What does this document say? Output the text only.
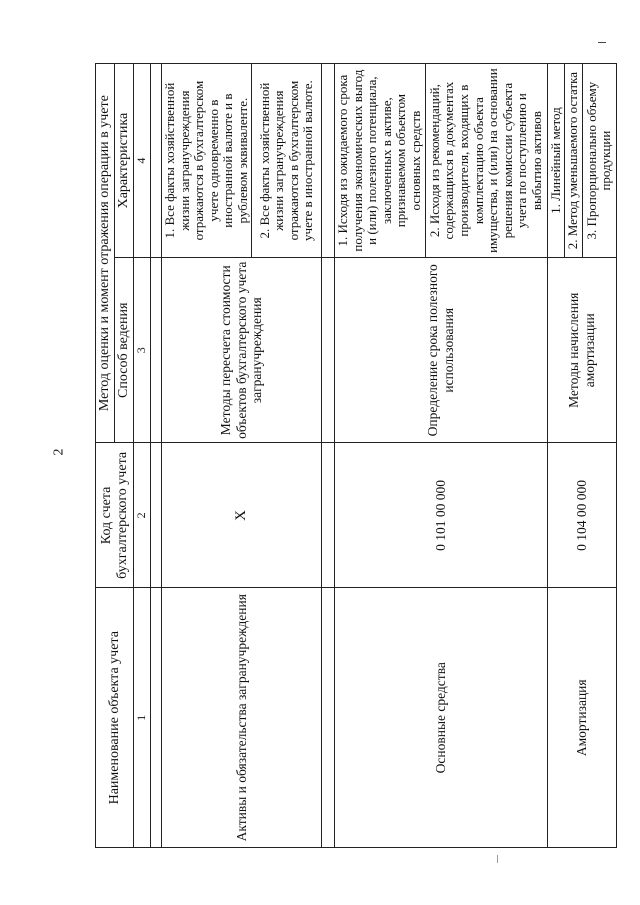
2
Наименование объекта учета	Код счета бухгалтерского учета	Метод оценки и момент отражения операции в учете	
		Способ ведения	Характеристика
1	2	3	4

Активы и обязательства загранучреждения	Х	Методы пересчета стоимости объектов бухгалтерского учета загранучреждения	1. Все факты хозяйственной жизни загранучреждения отражаются в бухгалтерском учете одновременно в иностранной валюте и в рублевом эквиваленте.
			2. Все факты хозяйственной жизни загранучреждения отражаются в бухгалтерском учете в иностранной валюте.

Основные средства	0 101 00 000	Определение срока полезного использования	1. Исходя из ожидаемого срока получения экономических выгод и (или) полезного потенциала, заключенных в активе, признаваемом объектом основных средств
			2. Исходя из рекомендаций, содержащихся в документах производителя, входящих в комплектацию объекта имущества, и (или) на основании решения комиссии субъекта учета по поступлению и выбытию активов
Амортизация	0 104 00 000	Методы начисления амортизации	1. Линейный метод
			2. Метод уменьшаемого остатка
			3. Пропорционально объему продукции
